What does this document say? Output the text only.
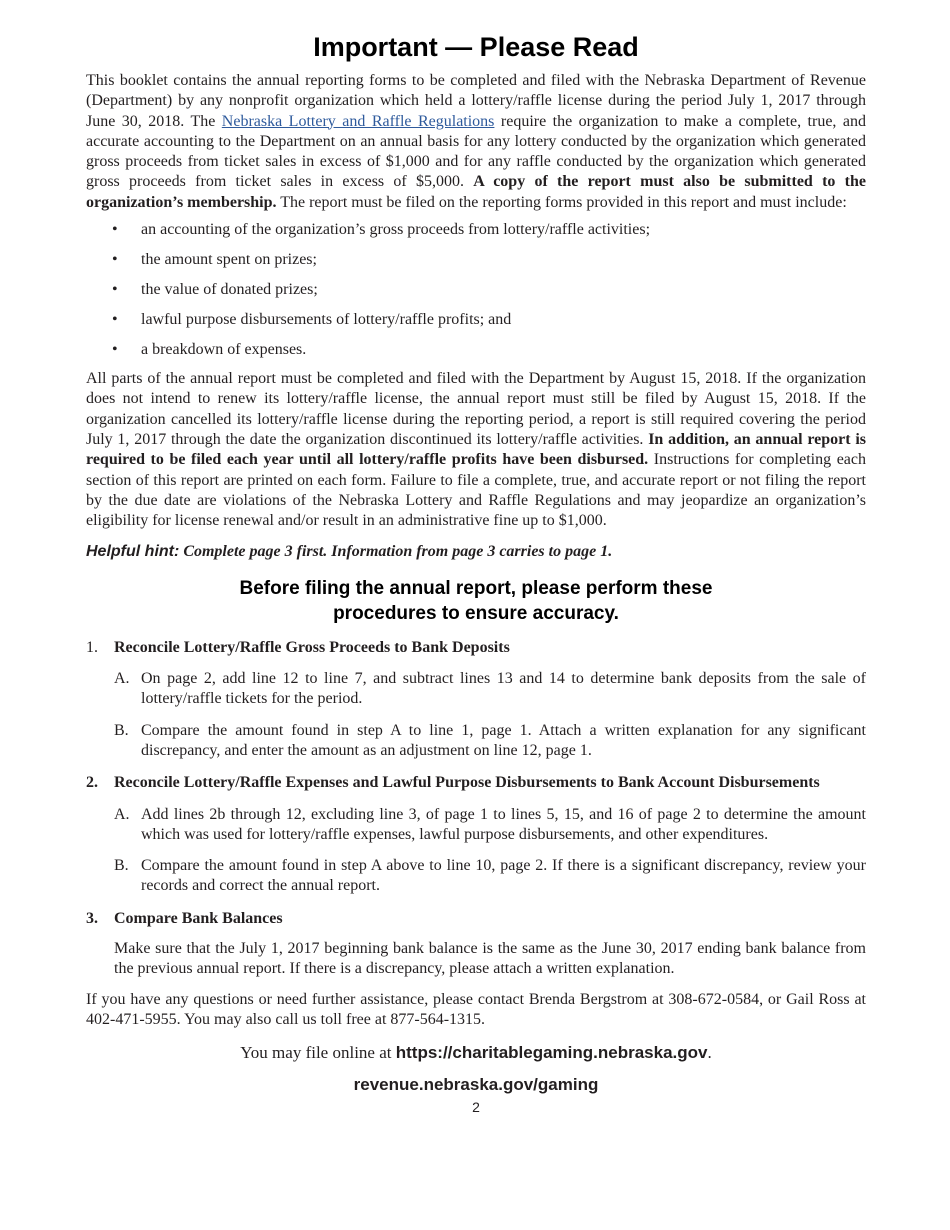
Important — Please Read

This booklet contains the annual reporting forms to be completed and filed with the Nebraska Department of Revenue (Department) by any nonprofit organization which held a lottery/raffle license during the period July 1, 2017 through June 30, 2018. The Nebraska Lottery and Raffle Regulations require the organization to make a complete, true, and accurate accounting to the Department on an annual basis for any lottery conducted by the organization which generated gross proceeds from ticket sales in excess of $1,000 and for any raffle conducted by the organization which generated gross proceeds from ticket sales in excess of $5,000. A copy of the report must also be submitted to the organization’s membership. The report must be filed on the reporting forms provided in this report and must include:

• an accounting of the organization’s gross proceeds from lottery/raffle activities;
• the amount spent on prizes;
• the value of donated prizes;
• lawful purpose disbursements of lottery/raffle profits; and
• a breakdown of expenses.

All parts of the annual report must be completed and filed with the Department by August 15, 2018. If the organization does not intend to renew its lottery/raffle license, the annual report must still be filed by August 15, 2018. If the organization cancelled its lottery/raffle license during the reporting period, a report is still required covering the period July 1, 2017 through the date the organization discontinued its lottery/raffle activities. In addition, an annual report is required to be filed each year until all lottery/raffle profits have been disbursed. Instructions for completing each section of this report are printed on each form. Failure to file a complete, true, and accurate report or not filing the report by the due date are violations of the Nebraska Lottery and Raffle Regulations and may jeopardize an organization’s eligibility for license renewal and/or result in an administrative fine up to $1,000.

Helpful hint: Complete page 3 first. Information from page 3 carries to page 1.

Before filing the annual report, please perform these
procedures to ensure accuracy.
1. Reconcile Lottery/Raffle Gross Proceeds to Bank Deposits

A. On page 2, add line 12 to line 7, and subtract lines 13 and 14 to determine bank deposits from the sale of lottery/raffle tickets for the period.

B. Compare the amount found in step A to line 1, page 1. Attach a written explanation for any significant discrepancy, and enter the amount as an adjustment on line 12, page 1.

2. Reconcile Lottery/Raffle Expenses and Lawful Purpose Disbursements to Bank Account Disbursements

A. Add lines 2b through 12, excluding line 3, of page 1 to lines 5, 15, and 16 of page 2 to determine the amount which was used for lottery/raffle expenses, lawful purpose disbursements, and other expenditures.

B. Compare the amount found in step A above to line 10, page 2. If there is a significant discrepancy, review your records and correct the annual report.

3. Compare Bank Balances

Make sure that the July 1, 2017 beginning bank balance is the same as the June 30, 2017 ending bank balance from the previous annual report. If there is a discrepancy, please attach a written explanation.

If you have any questions or need further assistance, please contact Brenda Bergstrom at 308-672-0584, or Gail Ross at 402-471-5955. You may also call us toll free at 877-564-1315.

You may file online at https://charitablegaming.nebraska.gov.
revenue.nebraska.gov/gaming
2
